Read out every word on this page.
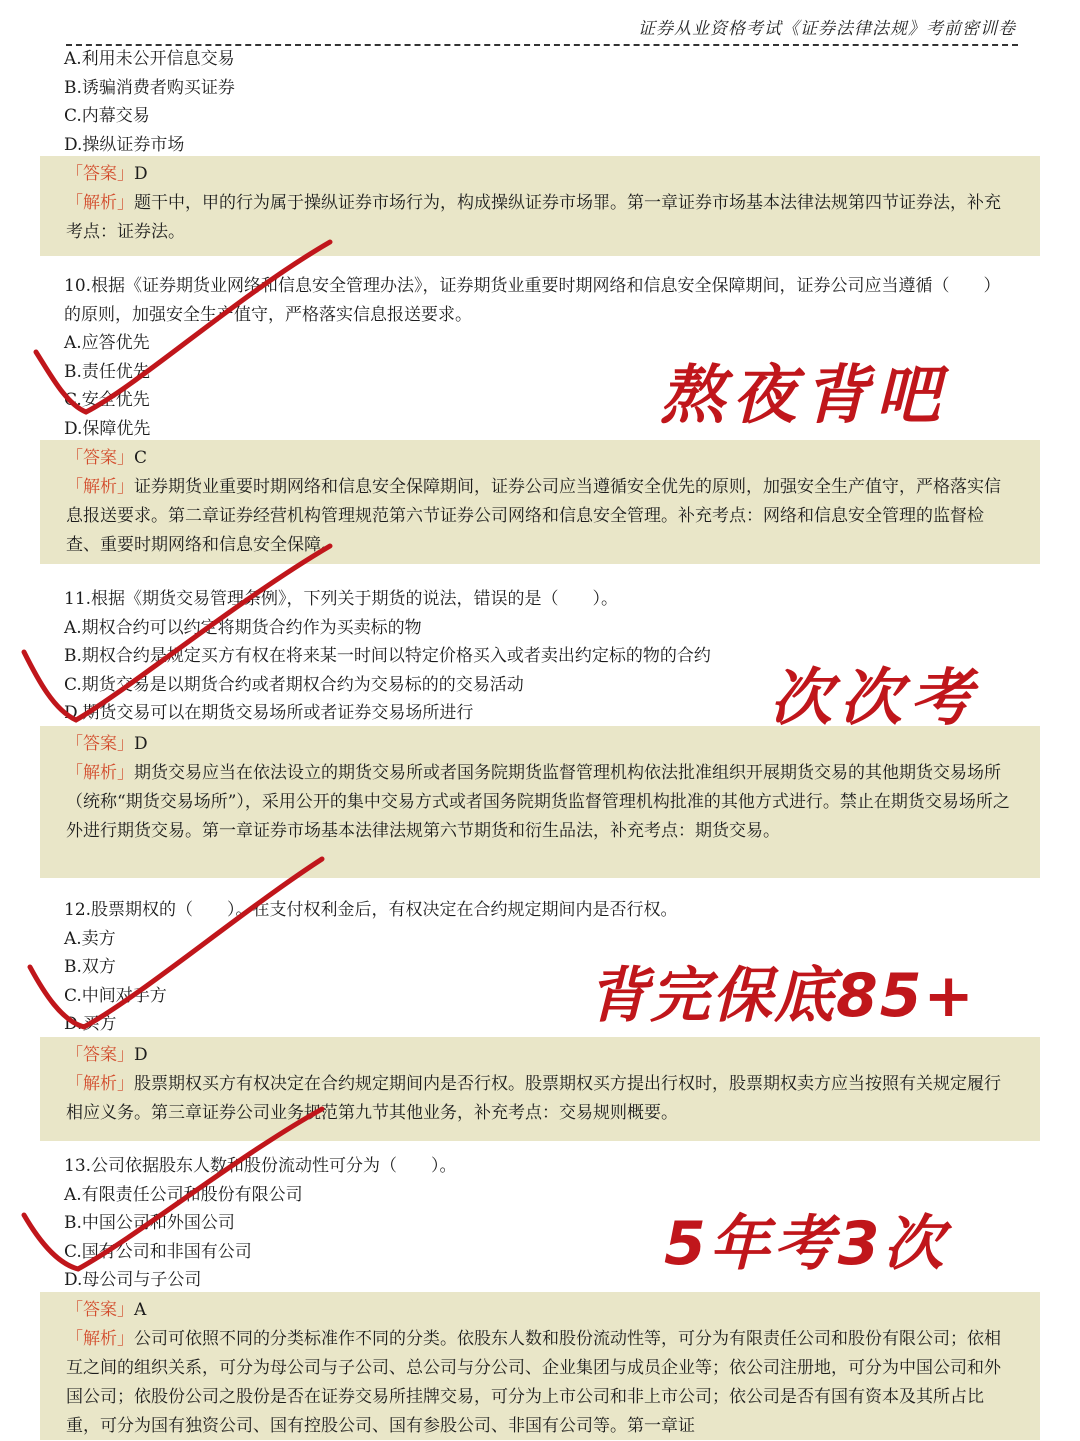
证券从业资格考试《证券法律法规》考前密训卷

A.利用未公开信息交易

B.诱骗消费者购买证券

C.内幕交易

D.操纵证券市场

「答案」D

「解析」题干中，甲的行为属于操纵证券市场行为，构成操纵证券市场罪。第一章证券市场基本法律法规第四节证券法，补充考点：证券法。

10.根据《证券期货业网络和信息安全管理办法》，证券期货业重要时期网络和信息安全保障期间，证券公司应当遵循（　　）的原则，加强安全生产值守，严格落实信息报送要求。

A.应答优先

B.责任优先

C.安全优先

D.保障优先

「答案」C

「解析」证券期货业重要时期网络和信息安全保障期间，证券公司应当遵循安全优先的原则，加强安全生产值守，严格落实信息报送要求。第二章证券经营机构管理规范第六节证券公司网络和信息安全管理。补充考点：网络和信息安全管理的监督检查、重要时期网络和信息安全保障。

11.根据《期货交易管理条例》，下列关于期货的说法，错误的是（　　）。

A.期权合约可以约定将期货合约作为买卖标的物

B.期权合约是规定买方有权在将来某一时间以特定价格买入或者卖出约定标的物的合约

C.期货交易是以期货合约或者期权合约为交易标的的交易活动

D.期货交易可以在期货交易场所或者证券交易场所进行

「答案」D

「解析」期货交易应当在依法设立的期货交易所或者国务院期货监督管理机构依法批准组织开展期货交易的其他期货交易场所（统称“期货交易场所”），采用公开的集中交易方式或者国务院期货监督管理机构批准的其他方式进行。禁止在期货交易场所之外进行期货交易。第一章证券市场基本法律法规第六节期货和衍生品法，补充考点：期货交易。

12.股票期权的（　　）。在支付权利金后，有权决定在合约规定期间内是否行权。

A.卖方

B.双方

C.中间对手方

D.买方

「答案」D

「解析」股票期权买方有权决定在合约规定期间内是否行权。股票期权买方提出行权时，股票期权卖方应当按照有关规定履行相应义务。第三章证券公司业务规范第九节其他业务，补充考点：交易规则概要。

13.公司依据股东人数和股份流动性可分为（　　）。

A.有限责任公司和股份有限公司

B.中国公司和外国公司

C.国有公司和非国有公司

D.母公司与子公司

「答案」A

「解析」公司可依照不同的分类标准作不同的分类。依股东人数和股份流动性等，可分为有限责任公司和股份有限公司；依相互之间的组织关系，可分为母公司与子公司、总公司与分公司、企业集团与成员企业等；依公司注册地，可分为中国公司和外国公司；依股份公司之股份是否在证券交易所挂牌交易，可分为上市公司和非上市公司；依公司是否有国有资本及其所占比重，可分为国有独资公司、国有控股公司、国有参股公司、非国有公司等。第一章证

熬夜背吧
次次考
背完保底85+
5年考3次
